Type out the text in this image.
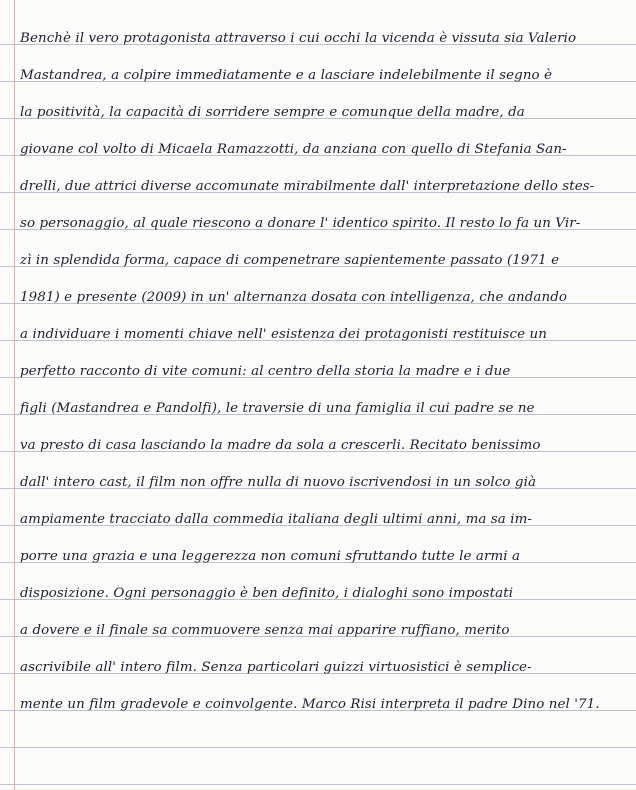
Benchè il vero protagonista attraverso i cui occhi la vicenda è vissuta sia Valerio
Mastandrea, a colpire immediatamente e a lasciare indelebilmente il segno è
la positività, la capacità di sorridere sempre e comunque della madre, da
giovane col volto di Micaela Ramazzotti, da anziana con quello di Stefania San-
drelli, due attrici diverse accomunate mirabilmente dall' interpretazione dello stes-
so personaggio, al quale riescono a donare l' identico spirito. Il resto lo fa un Vir-
zì in splendida forma, capace di compenetrare sapientemente passato (1971 e
1981) e presente (2009) in un' alternanza dosata con intelligenza, che andando
a individuare i momenti chiave nell' esistenza dei protagonisti restituisce un
perfetto racconto di vite comuni: al centro della storia la madre e i due
figli (Mastandrea e Pandolfi), le traversie di una famiglia il cui padre se ne
va presto di casa lasciando la madre da sola a crescerli. Recitato benissimo
dall' intero cast, il film non offre nulla di nuovo iscrivendosi in un solco già
ampiamente tracciato dalla commedia italiana degli ultimi anni, ma sa im-
porre una grazia e una leggerezza non comuni sfruttando tutte le armi a
disposizione. Ogni personaggio è ben definito, i dialoghi sono impostati
a dovere e il finale sa commuovere senza mai apparire ruffiano, merito
ascrivibile all' intero film. Senza particolari guizzi virtuosistici è semplice-
mente un film gradevole e coinvolgente. Marco Risi interpreta il padre Dino nel '71.
